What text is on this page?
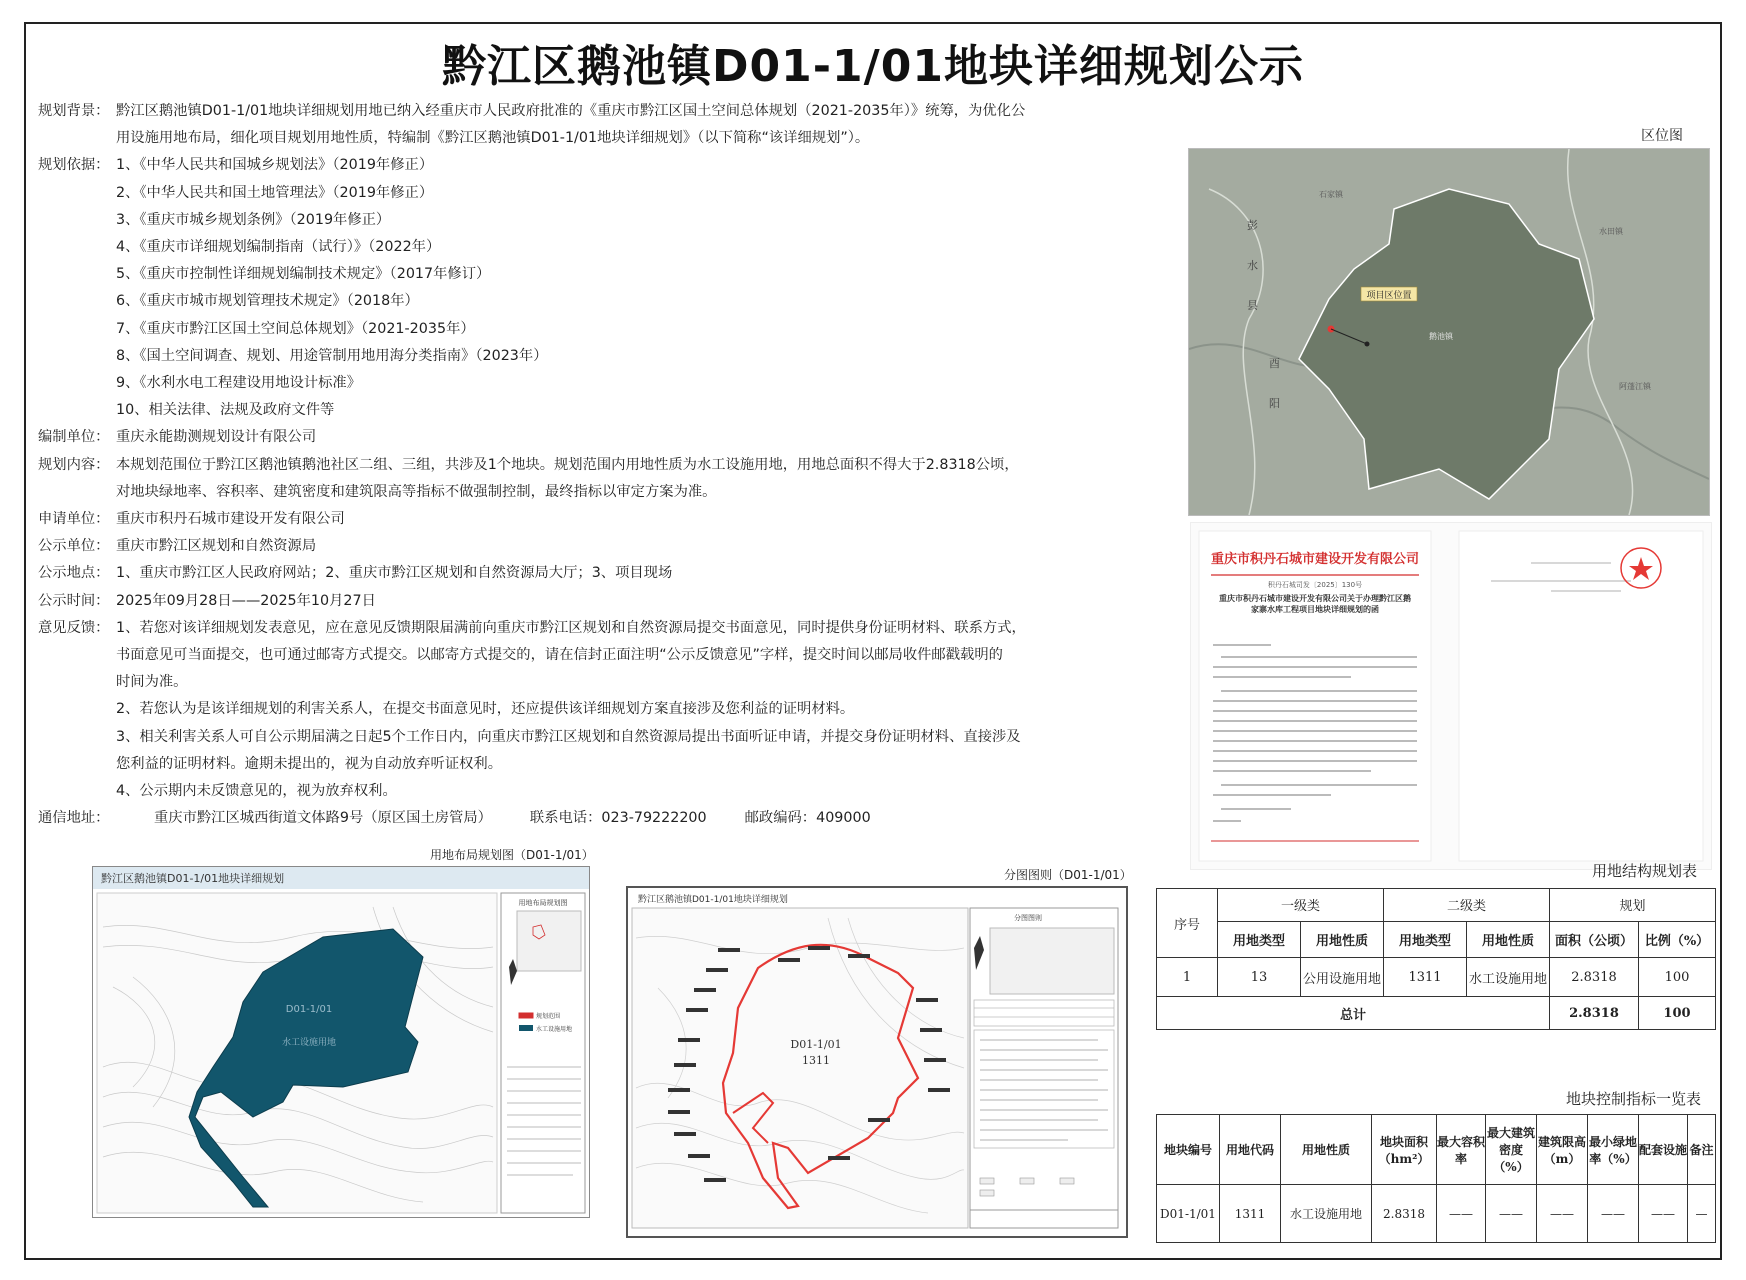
黔江区鹅池镇D01-1/01地块详细规划公示
规划背景： 黔江区鹅池镇D01-1/01地块详细规划用地已纳入经重庆市人民政府批准的《重庆市黔江区国土空间总体规划（2021-2035年）》统筹，为优化公
用设施用地布局，细化项目规划用地性质，特编制《黔江区鹅池镇D01-1/01地块详细规划》（以下简称“该详细规划”）。
规划依据： 1、《中华人民共和国城乡规划法》（2019年修正）
2、《中华人民共和国土地管理法》（2019年修正）
3、《重庆市城乡规划条例》（2019年修正）
4、《重庆市详细规划编制指南（试行）》（2022年）
5、《重庆市控制性详细规划编制技术规定》（2017年修订）
6、《重庆市城市规划管理技术规定》（2018年）
7、《重庆市黔江区国土空间总体规划》（2021-2035年）
8、《国土空间调查、规划、用途管制用地用海分类指南》（2023年）
9、《水利水电工程建设用地设计标准》
10、相关法律、法规及政府文件等
编制单位： 重庆永能勘测规划设计有限公司
规划内容： 本规划范围位于黔江区鹅池镇鹅池社区二组、三组，共涉及1个地块。规划范围内用地性质为水工设施用地，用地总面积不得大于2.8318公顷，
对地块绿地率、容积率、建筑密度和建筑限高等指标不做强制控制，最终指标以审定方案为准。
申请单位： 重庆市积丹石城市建设开发有限公司
公示单位： 重庆市黔江区规划和自然资源局
公示地点： 1、重庆市黔江区人民政府网站；2、重庆市黔江区规划和自然资源局大厅；3、项目现场
公示时间： 2025年09月28日——2025年10月27日
意见反馈： 1、若您对该详细规划发表意见，应在意见反馈期限届满前向重庆市黔江区规划和自然资源局提交书面意见，同时提供身份证明材料、联系方式，
书面意见可当面提交，也可通过邮寄方式提交。以邮寄方式提交的，请在信封正面注明“公示反馈意见”字样，提交时间以邮局收件邮戳载明的
时间为准。
2、若您认为是该详细规划的利害关系人，在提交书面意见时，还应提供该详细规划方案直接涉及您利益的证明材料。
3、相关利害关系人可自公示期届满之日起5个工作日内，向重庆市黔江区规划和自然资源局提出书面听证申请，并提交身份证明材料、直接涉及
您利益的证明材料。逾期未提出的，视为自动放弃听证权利。
4、公示期内未反馈意见的，视为放弃权利。
通信地址：	重庆市黔江区城西街道文体路9号（原区国土房管局）	联系电话：023-79222200	邮政编码：409000
区位图
项目区位置
彭
水
县
酉
阳
石家镇
水田镇
阿蓬江镇
鹅池镇
重庆市积丹石城市建设开发有限公司
积丹石城司发〔2025〕130号
重庆市积丹石城市建设开发有限公司关于办理黔江区鹅家寨水库工程项目地块详细规划的函
用地布局规划图（D01-1/01）
黔江区鹅池镇D01-1/01地块详细规划
D01-1/01
水工设施用地
用地布局规划图
规划范围
水工设施用地
分图图则（D01-1/01）
黔江区鹅池镇D01-1/01地块详细规划
D01-1/01
1311
分图图则
用地结构规划表
序号	一级类		二级类		规划	
	用地类型	用地性质	用地类型	用地性质	面积（公顷）	比例（%）
1	13	公用设施用地	1311	水工设施用地	2.8318	100
总计					2.8318	100
地块控制指标一览表
地块编号	用地代码	用地性质	地块面积（hm²）	最大容积率	最大建筑密度（%）	建筑限高（m）	最小绿地率（%）	配套设施	备注
D01-1/01	1311	水工设施用地	2.8318	——	——	——	——	——	—
